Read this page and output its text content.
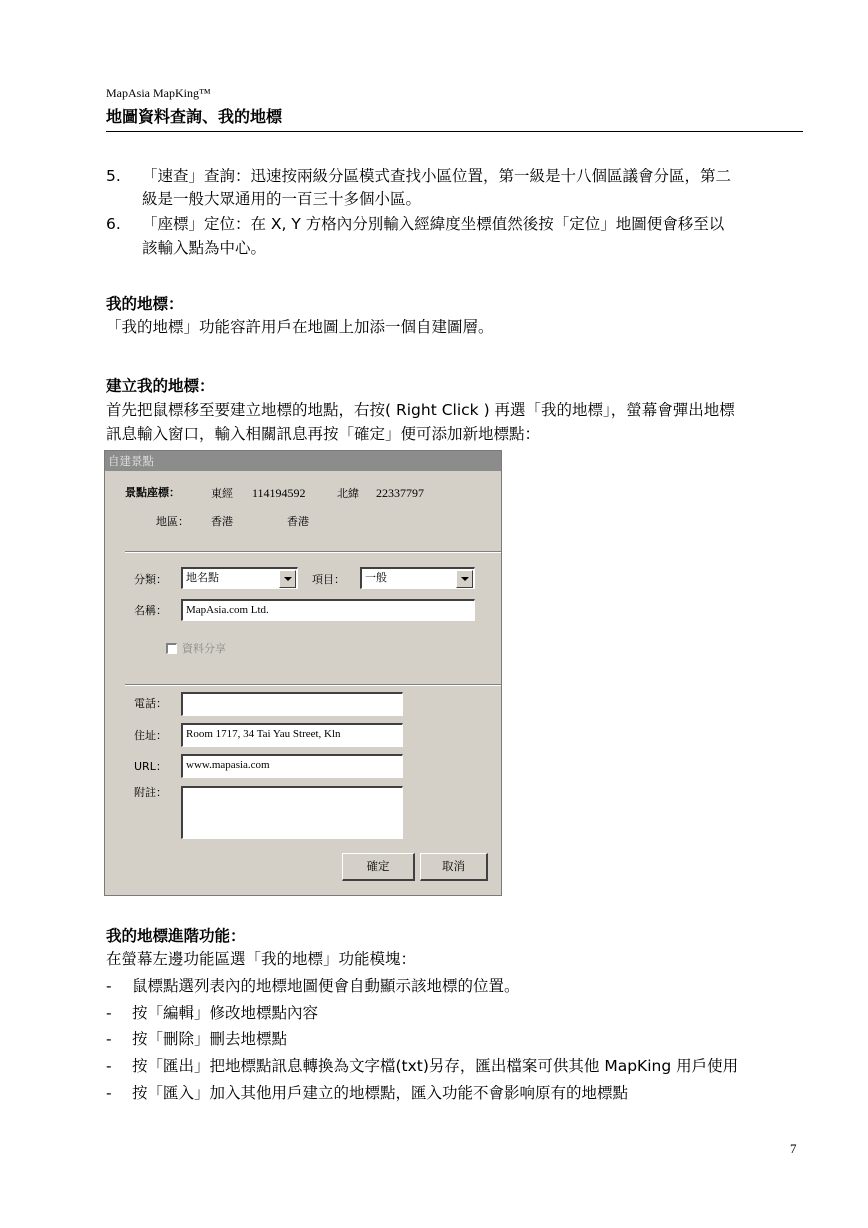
MapAsia MapKing™
地圖資料查詢、我的地標
5. 「速查」查詢：迅速按兩級分區模式查找小區位置，第一級是十八個區議會分區，第二
級是一般大眾通用的一百三十多個小區。
6. 「座標」定位：在 X, Y 方格內分別輸入經緯度坐標值然後按「定位」地圖便會移至以
該輸入點為中心。
我的地標：
「我的地標」功能容許用戶在地圖上加添一個自建圖層。
建立我的地標：
首先把鼠標移至要建立地標的地點，右按( Right Click ) 再選「我的地標」，螢幕會彈出地標
訊息輸入窗口，輸入相關訊息再按「確定」便可添加新地標點：
自建景點
景點座標：	東經 114194592	北緯 22337797
地區： 香港	香港
分類：	地名點	項目：	一般
名稱：	MapAsia.com Ltd.
資料分享
電話：
住址：	Room 1717, 34 Tai Yau Street, Kln
URL：	www.mapasia.com
附註：
確定	取消
我的地標進階功能：
在螢幕左邊功能區選「我的地標」功能模塊：
- 鼠標點選列表內的地標地圖便會自動顯示該地標的位置。
- 按「編輯」修改地標點內容
- 按「刪除」刪去地標點
- 按「匯出」把地標點訊息轉換為文字檔(txt)另存，匯出檔案可供其他 MapKing 用戶使用
- 按「匯入」加入其他用戶建立的地標點，匯入功能不會影响原有的地標點
7
